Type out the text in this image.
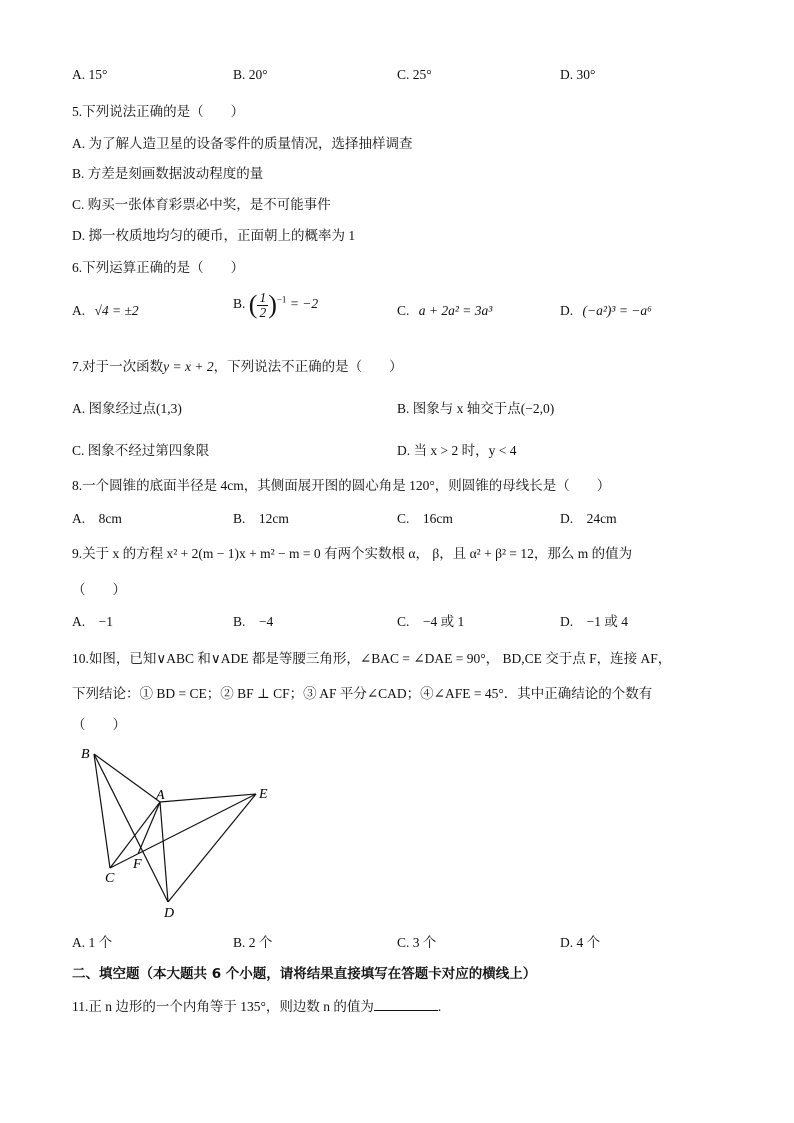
A. 15°	B. 20°	C. 25°	D. 30°
5.下列说法正确的是（　　）
A. 为了解人造卫星的设备零件的质量情况，选择抽样调查
B. 方差是刻画数据波动程度的量
C. 购买一张体育彩票必中奖，是不可能事件
D. 掷一枚质地均匀的硬币，正面朝上的概率为 1
6.下列运算正确的是（　　）
A. √4 = ±2	B. ( $\frac{1}{2} )^{-1} = -2$	C. a + 2a² = 3a³	D. (−a²)³ = −a⁶
7.对于一次函数y = x + 2，下列说法不正确的是（　　）
A. 图象经过点(1,3)	B. 图象与 x 轴交于点(−2,0)
C. 图象不经过第四象限	D. 当 x > 2 时，y < 4
8.一个圆锥的底面半径是 4cm，其侧面展开图的圆心角是 120°，则圆锥的母线长是（　　）
A.　8cm	B.　12cm	C.　16cm	D.　24cm
9.关于 x 的方程 x² + 2(m − 1)x + m² − m = 0 有两个实数根 α， β，且 α² + β² = 12，那么 m 的值为
（　　）
A.　−1	B.　−4	C.　−4 或 1	D.　−1 或 4
10.如图，已知∨ABC 和∨ADE 都是等腰三角形，∠BAC = ∠DAE = 90°， BD,CE 交于点 F，连接 AF，
下列结论：① BD = CE；② BF ⊥ CF；③ AF 平分∠CAD；④∠AFE = 45°．其中正确结论的个数有
（　　）
B
A	E
F
C
D
A. 1 个	B. 2 个	C. 3 个	D. 4 个
二、填空题（本大题共 6 个小题，请将结果直接填写在答题卡对应的横线上）
11.正 n 边形的一个内角等于 135°，则边数 n 的值为	.
